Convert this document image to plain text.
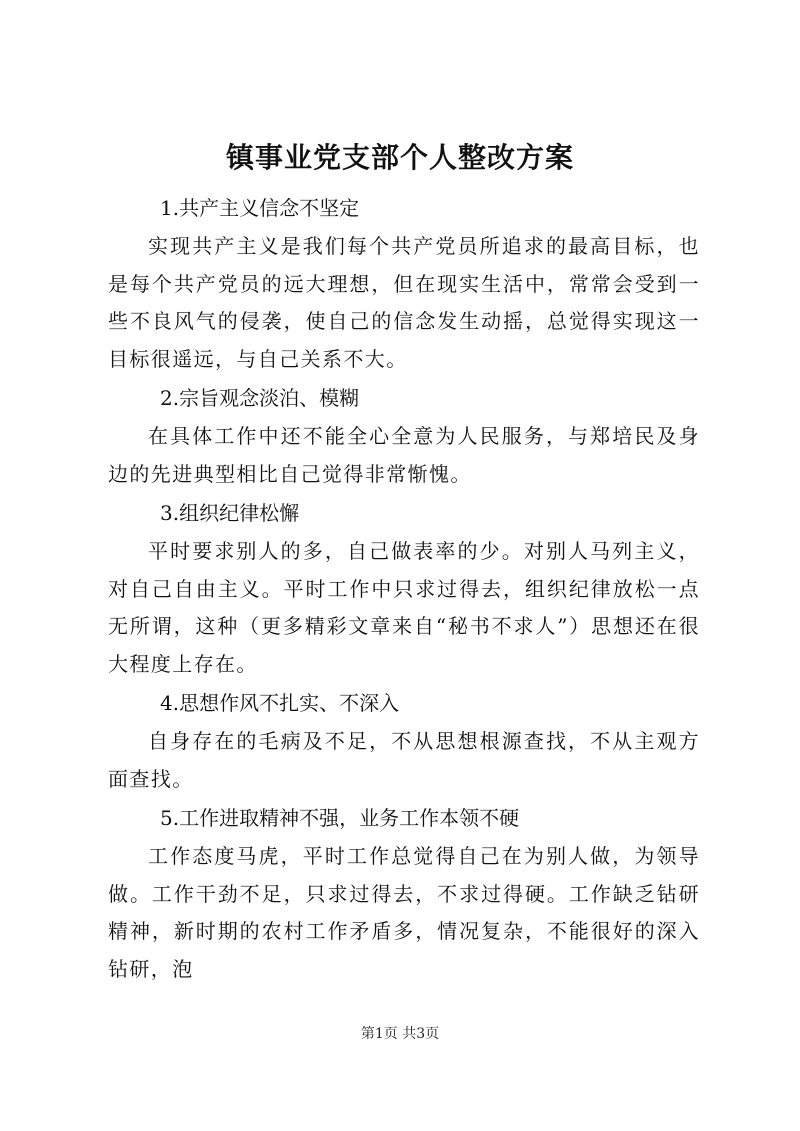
镇事业党支部个人整改方案
1.共产主义信念不坚定

实现共产主义是我们每个共产党员所追求的最高目标，也是每个共产党员的远大理想，但在现实生活中，常常会受到一些不良风气的侵袭，使自己的信念发生动摇，总觉得实现这一目标很遥远，与自己关系不大。

2.宗旨观念淡泊、模糊

在具体工作中还不能全心全意为人民服务，与郑培民及身边的先进典型相比自己觉得非常惭愧。

3.组织纪律松懈

平时要求别人的多，自己做表率的少。对别人马列主义，对自己自由主义。平时工作中只求过得去，组织纪律放松一点无所谓，这种（更多精彩文章来自“秘书不求人”）思想还在很大程度上存在。

4.思想作风不扎实、不深入

自身存在的毛病及不足，不从思想根源查找，不从主观方面查找。

5.工作进取精神不强，业务工作本领不硬

工作态度马虎，平时工作总觉得自己在为别人做，为领导做。工作干劲不足，只求过得去，不求过得硬。工作缺乏钻研精神，新时期的农村工作矛盾多，情况复杂，不能很好的深入钻研，泡

第1页 共3页
